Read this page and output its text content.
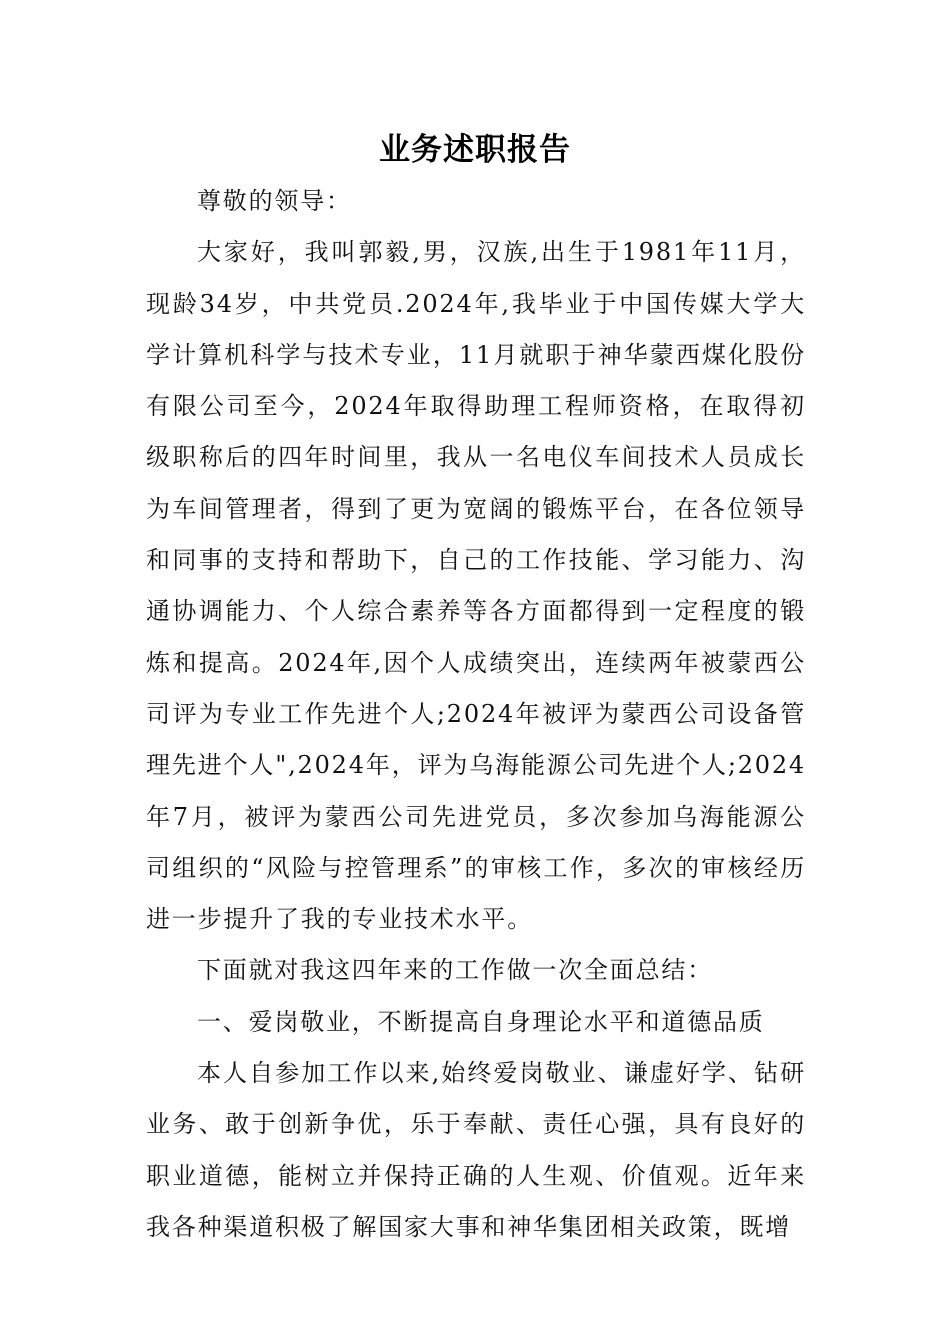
业务述职报告

尊敬的领导：

大家好，我叫郭毅,男，汉族,出生于1981年11月，现龄34岁，中共党员.2024年,我毕业于中国传媒大学大学计算机科学与技术专业，11月就职于神华蒙西煤化股份有限公司至今，2024年取得助理工程师资格，在取得初级职称后的四年时间里，我从一名电仪车间技术人员成长为车间管理者，得到了更为宽阔的锻炼平台，在各位领导和同事的支持和帮助下，自己的工作技能、学习能力、沟通协调能力、个人综合素养等各方面都得到一定程度的锻炼和提高。2024年,因个人成绩突出，连续两年被蒙西公司评为专业工作先进个人;2024年被评为蒙西公司设备管理先进个人",2024年，评为乌海能源公司先进个人;2024年7月，被评为蒙西公司先进党员，多次参加乌海能源公司组织的“风险与控管理系”的审核工作，多次的审核经历进一步提升了我的专业技术水平。

下面就对我这四年来的工作做一次全面总结：

一、爱岗敬业，不断提高自身理论水平和道德品质

本人自参加工作以来,始终爱岗敬业、谦虚好学、钻研业务、敢于创新争优，乐于奉献、责任心强，具有良好的职业道德，能树立并保持正确的人生观、价值观。近年来我各种渠道积极了解国家大事和神华集团相关政策，既增
